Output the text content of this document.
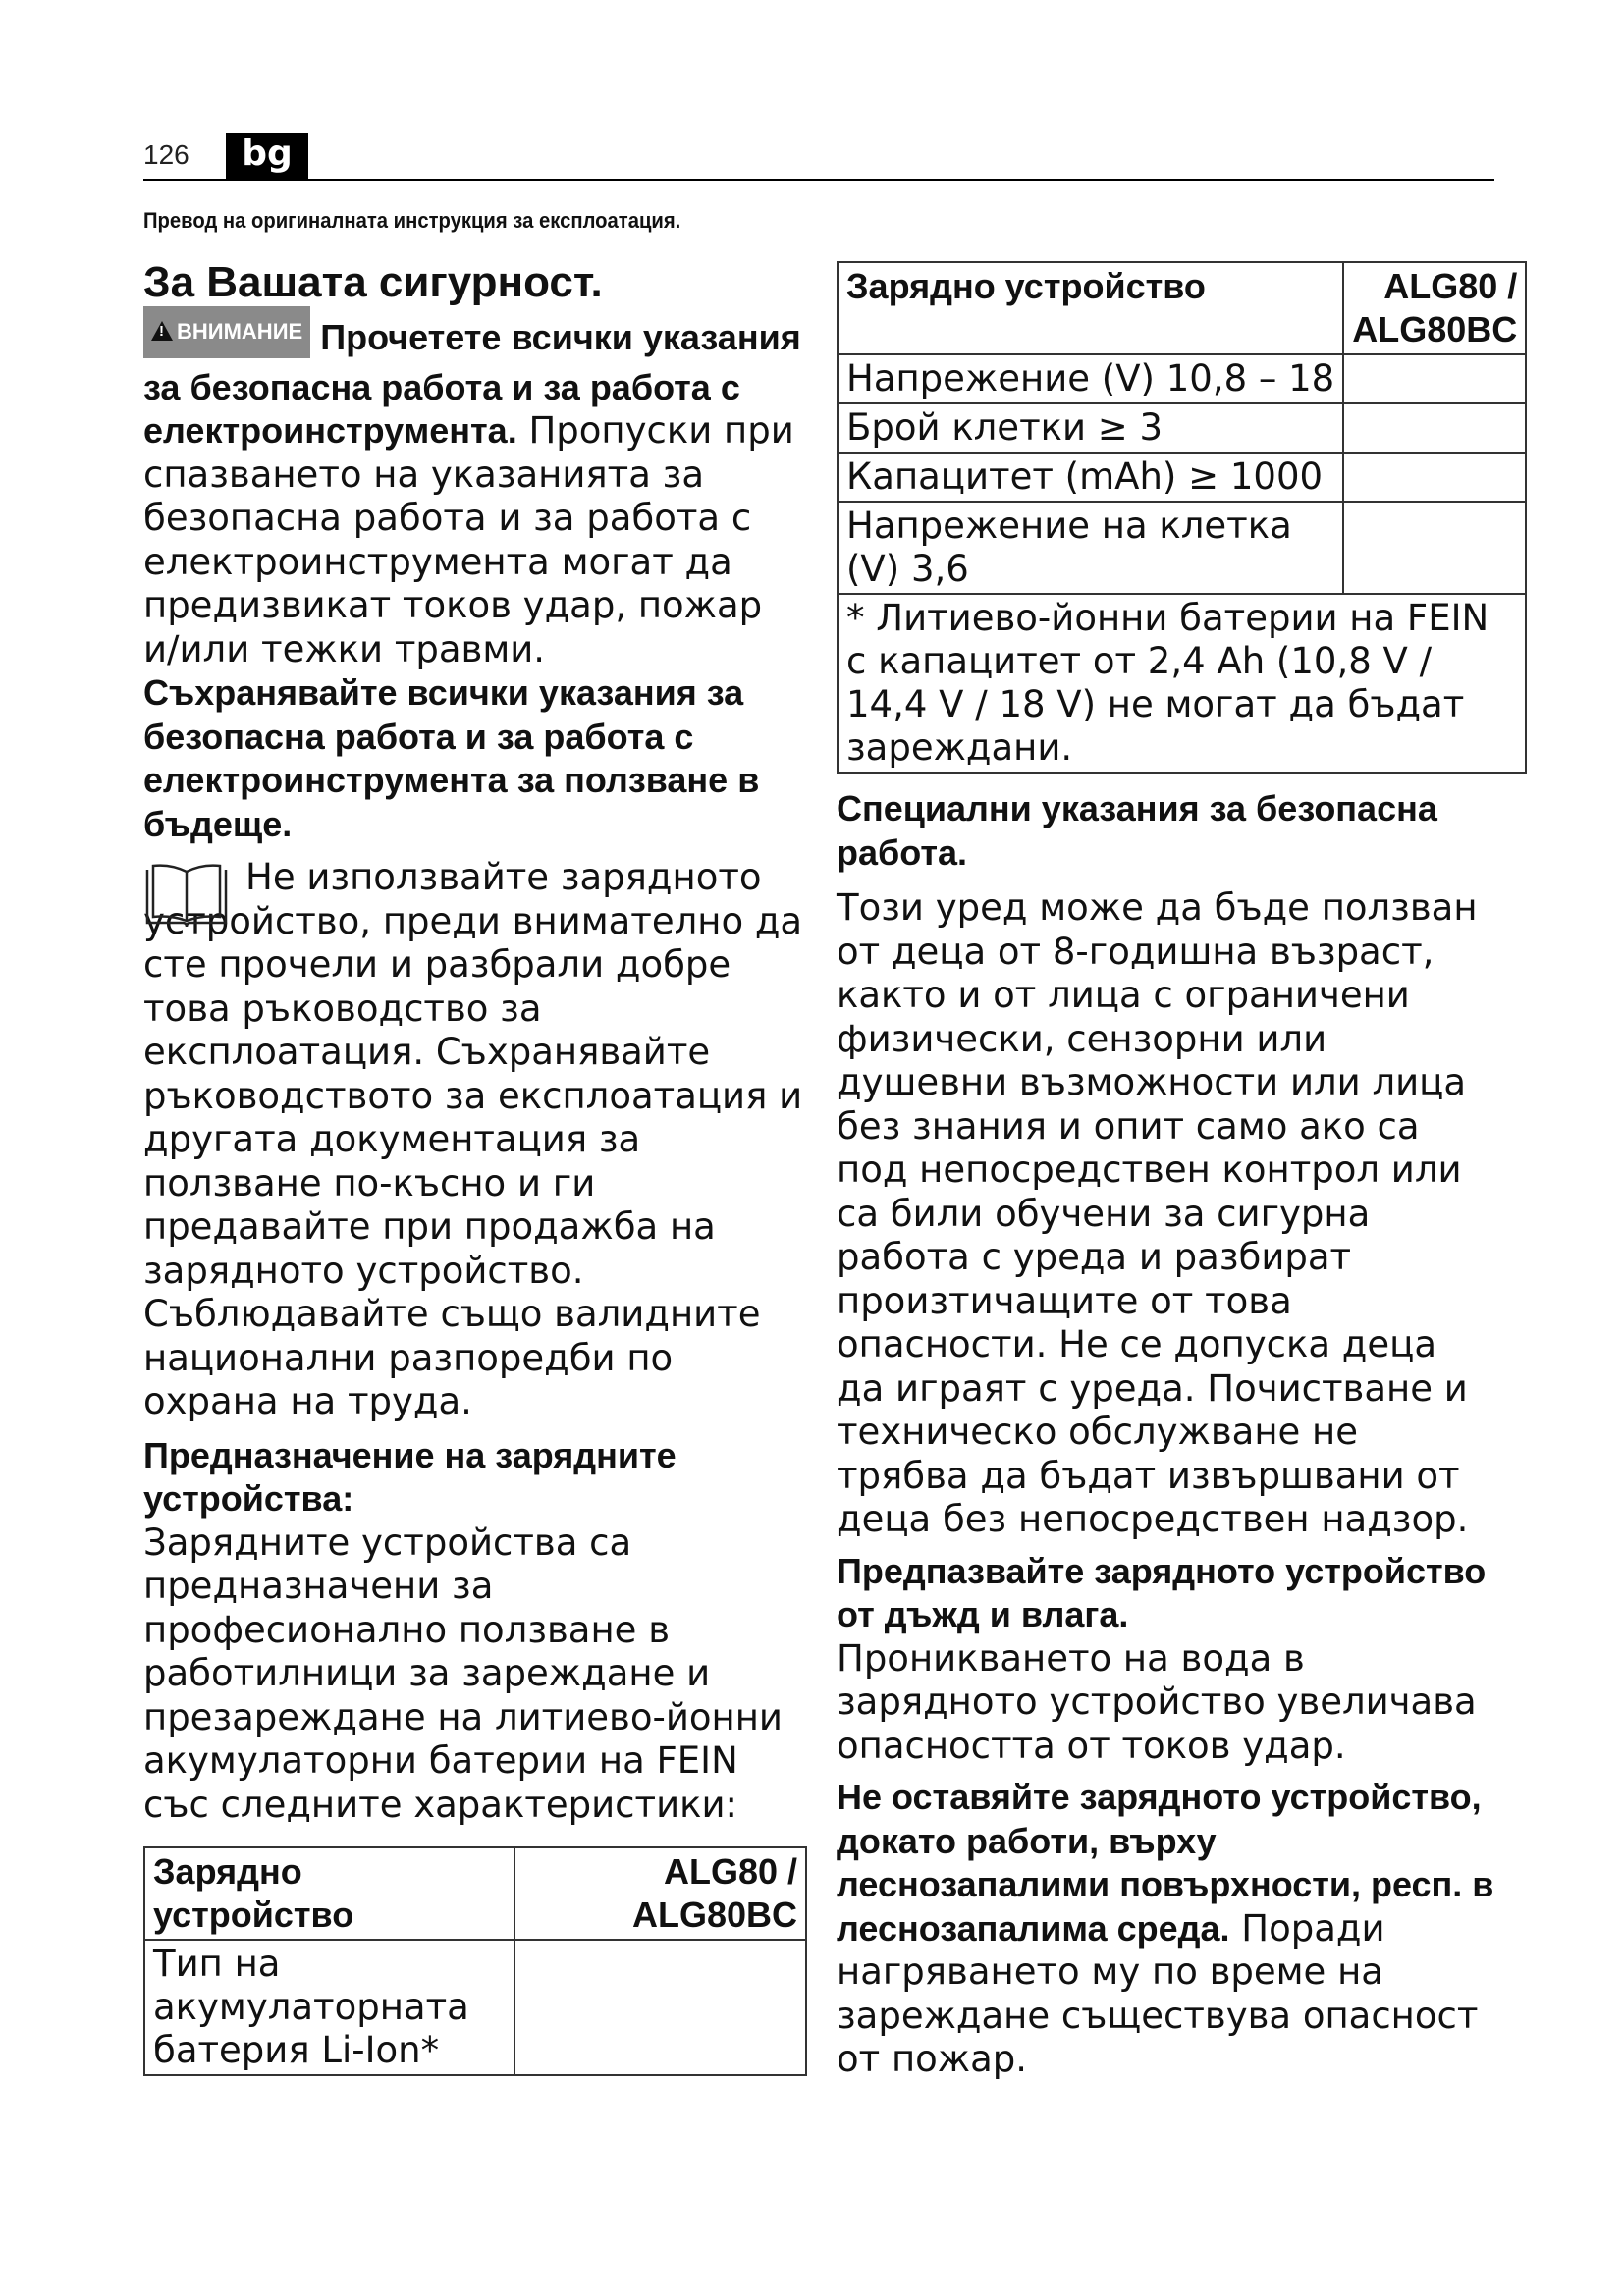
126	bg
Превод на оригиналната инструкция за експлоатация.
За Вашата сигурност.

! ВНИМАНИЕ Прочетете всички указания за безопасна работа и за работа с електроинструмента. Пропуски при спазването на указанията за безопасна работа и за работа с електроинструмента могат да предизвикат токов удар, пожар и/или тежки травми.

Съхранявайте всички указания за безопасна работа и за работа с електроинструмента за ползване в бъдеще.

Не използвайте зарядното устройство, преди внимателно да сте прочели и разбрали добре това ръководство за експлоатация. Съхранявайте ръководството за експлоатация и другата документация за ползване по-късно и ги предавайте при продажба на зарядното устройство.

Съблюдавайте също валидните национални разпоредби по охрана на труда.

Предназначение на зарядните устройства:

Зарядните устройства са предназначени за професионално ползване в работилници за зареждане и презареждане на литиево-йонни акумулаторни батерии на FEIN със следните характеристики:

Зарядно устройство	ALG80 / ALG80BC
Тип на акумулаторната батерия Li-Ion*	
Зарядно устройство	ALG80 / ALG80BC
Напрежение (V) 10,8 – 18	
Брой клетки ≥ 3	
Капацитет (mAh) ≥ 1000	
Напрежение на клетка (V) 3,6	
* Литиево-йонни батерии на FEIN с капацитет от 2,4 Ah (10,8 V / 14,4 V / 18 V) не могат да бъдат зареждани.	

Специални указания за безопасна работа.

Този уред може да бъде ползван от деца от 8-годишна възраст, както и от лица с ограничени физически, сензорни или душевни възможности или лица без знания и опит само ако са под непосредствен контрол или са били обучени за сигурна работа с уреда и разбират произтичащите от това опасности. Не се допуска деца да играят с уреда. Почистване и техническо обслужване не трябва да бъдат извършвани от деца без непосредствен надзор.

Предпазвайте зарядното устройство от дъжд и влага.

Проникването на вода в зарядното устройство увеличава опасността от токов удар.

Не оставяйте зарядното устройство, докато работи, върху леснозапалими повърхности, респ. в леснозапалима среда. Поради нагряването му по време на зареждане съществува опасност от пожар.
